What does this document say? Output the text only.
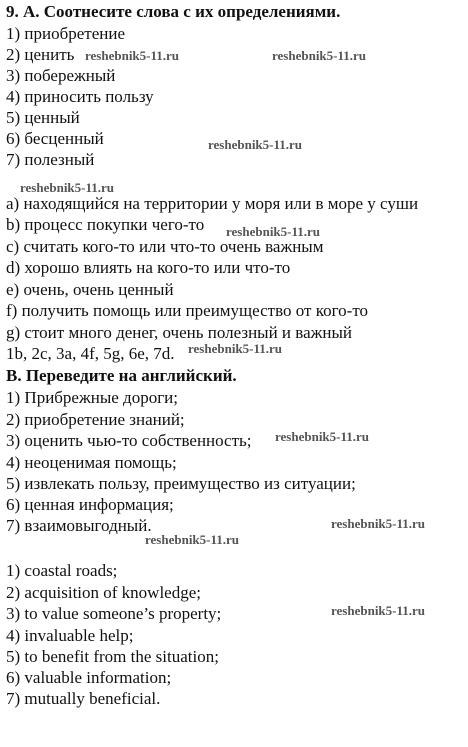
9. А. Соотнесите слова с их определениями.
1) приобретение
2) ценить
3) побережный
4) приносить пользу
5) ценный
6) бесценный
7) полезный
a) находящийся на территории у моря или в море у суши
b) процесс покупки чего-то
c) считать кого-то или что-то очень важным
d) хорошо влиять на кого-то или что-то
e) очень, очень ценный
f) получить помощь или преимущество от кого-то
g) стоит много денег, очень полезный и важный
1b, 2c, 3a, 4f, 5g, 6e, 7d.
B. Переведите на английский.
1) Прибрежные дороги;
2) приобретение знаний;
3) оценить чью-то собственность;
4) неоценимая помощь;
5) извлекать пользу, преимущество из ситуации;
6) ценная информация;
7) взаимовыгодный.
1) coastal roads;
2) acquisition of knowledge;
3) to value someone’s property;
4) invaluable help;
5) to benefit from the situation;
6) valuable information;
7) mutually beneficial.
reshebnik5-11.ru	reshebnik5-11.ru
reshebnik5-11.ru
reshebnik5-11.ru
reshebnik5-11.ru
reshebnik5-11.ru
reshebnik5-11.ru
reshebnik5-11.ru
reshebnik5-11.ru
reshebnik5-11.ru
